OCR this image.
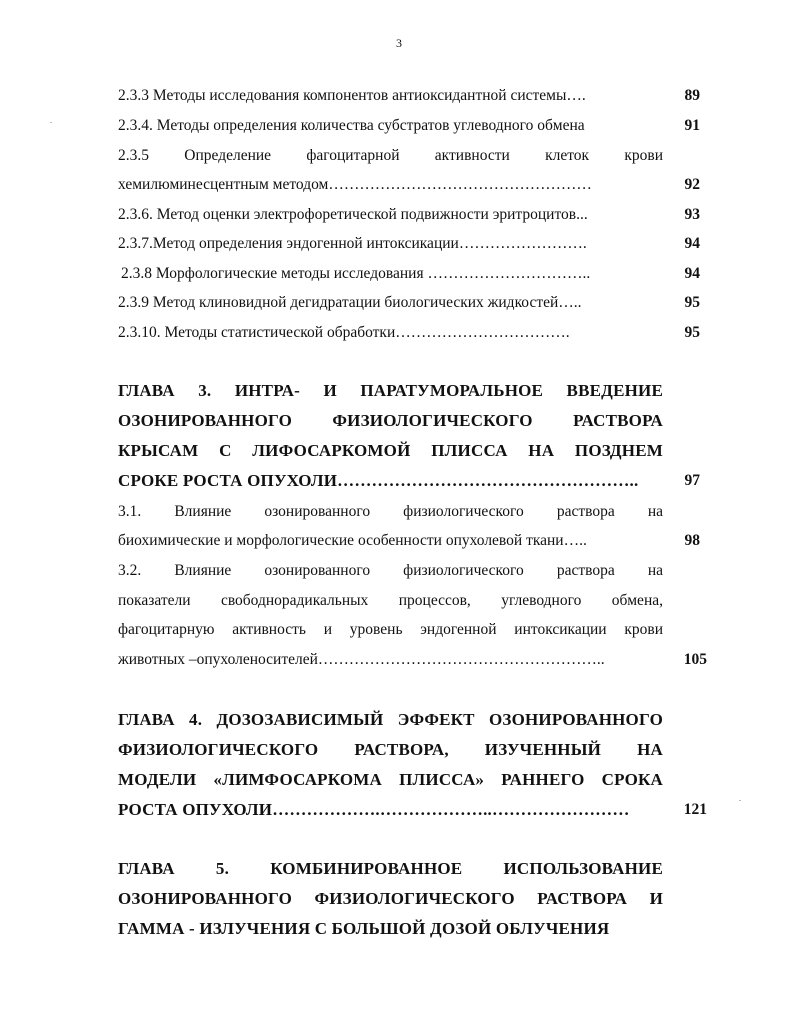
3
2.3.3 Методы исследования компонентов антиоксидантной системы….	89
2.3.4. Методы определения количества субстратов углеводного обмена	91
2.3.5 Определение фагоцитарной активности клеток крови
хемилюминесцентным методом……………………………………………	92
2.3.6. Метод оценки электрофоретической подвижности эритроцитов...	93
2.3.7.Метод определения эндогенной интоксикации…………………….	94
2.3.8 Морфологические методы исследования …………………………..	94
2.3.9 Метод клиновидной дегидратации биологических жидкостей…..	95
2.3.10. Методы статистической обработки…………………………….	95
ГЛАВА 3. ИНТРА- И ПАРАТУМОРАЛЬНОЕ ВВЕДЕНИЕ
ОЗОНИРОВАННОГО ФИЗИОЛОГИЧЕСКОГО РАСТВОРА
КРЫСАМ С ЛИФОСАРКОМОЙ ПЛИССА НА ПОЗДНЕМ
СРОКЕ РОСТА ОПУХОЛИ……………………………………………..	97
3.1. Влияние озонированного физиологического раствора на
биохимические и морфологические особенности опухолевой ткани…..	98
3.2. Влияние озонированного физиологического раствора на
показатели свободнорадикальных процессов, углеводного обмена,
фагоцитарную активность и уровень эндогенной интоксикации крови
животных –опухоленосителей………………………………………………..	105
ГЛАВА 4. ДОЗОЗАВИСИМЫЙ ЭФФЕКТ ОЗОНИРОВАННОГО
ФИЗИОЛОГИЧЕСКОГО РАСТВОРА, ИЗУЧЕННЫЙ НА
МОДЕЛИ «ЛИМФОСАРКОМА ПЛИССА» РАННЕГО СРОКА
РОСТА ОПУХОЛИ……………….………………..……………………	121
ГЛАВА 5. КОМБИНИРОВАННОЕ ИСПОЛЬЗОВАНИЕ
ОЗОНИРОВАННОГО ФИЗИОЛОГИЧЕСКОГО РАСТВОРА И
ГАММА - ИЗЛУЧЕНИЯ С БОЛЬШОЙ ДОЗОЙ ОБЛУЧЕНИЯ
